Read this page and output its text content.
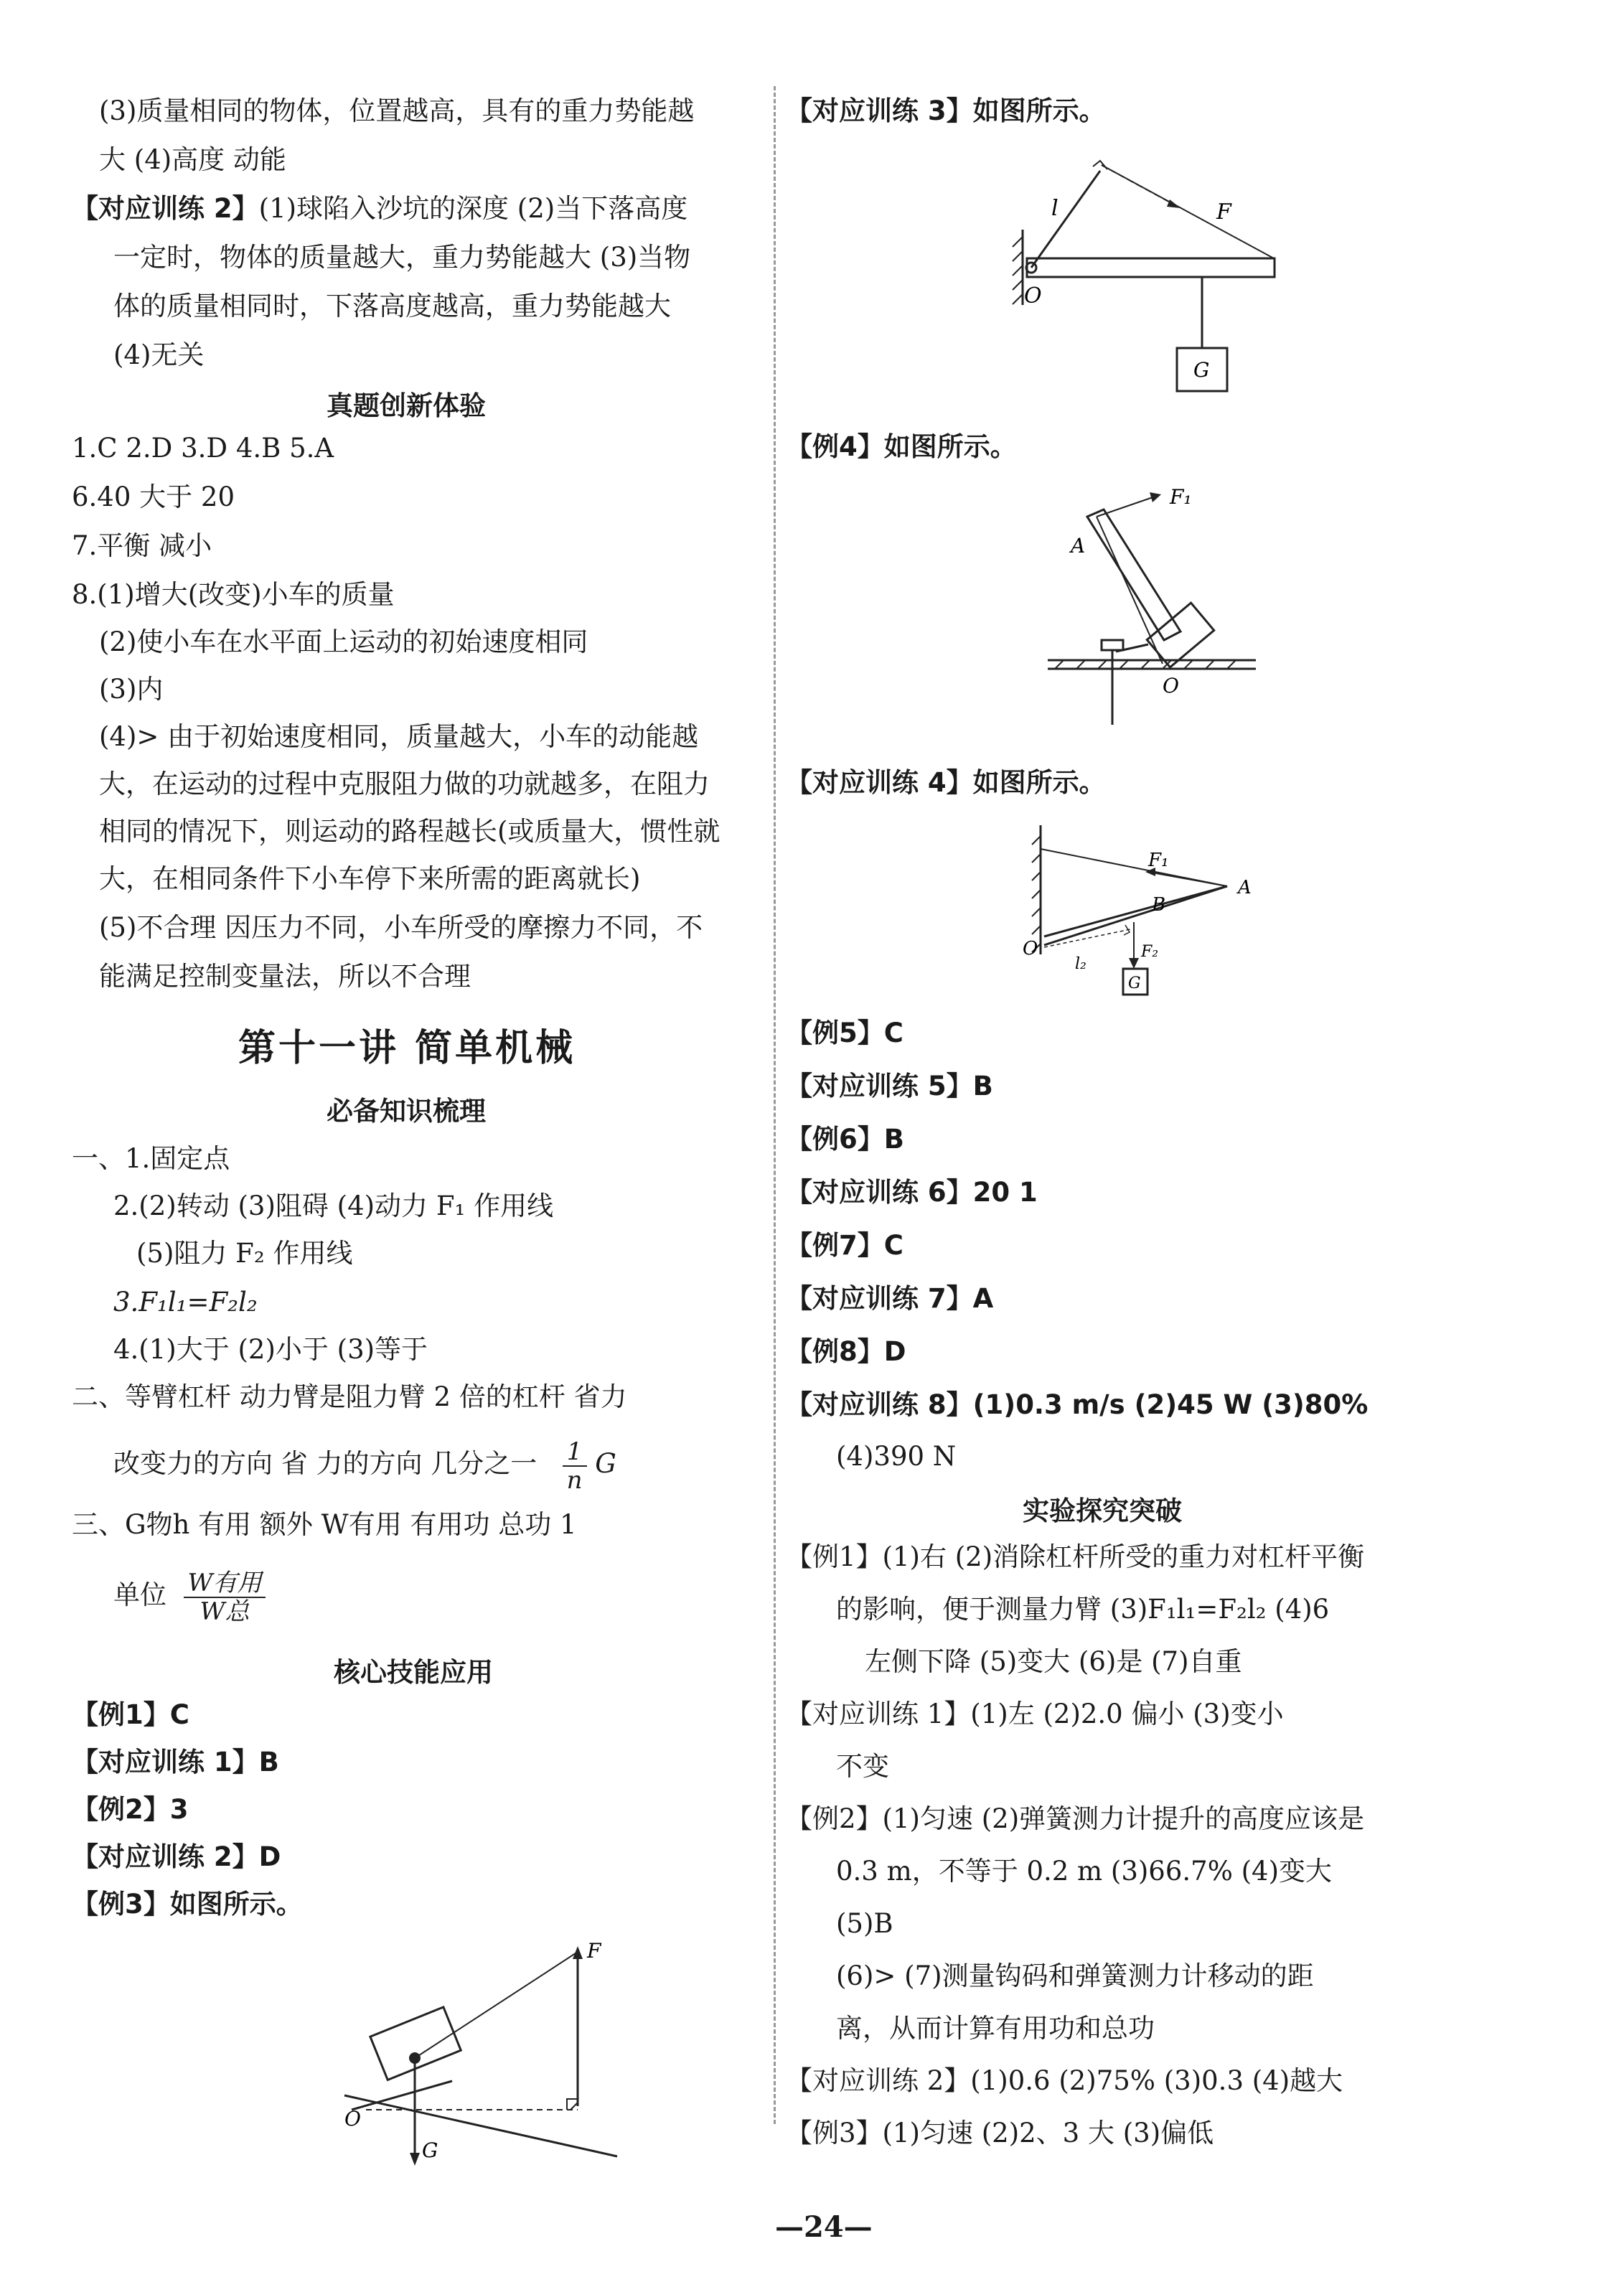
(3)质量相同的物体，位置越高，具有的重力势能越
大 (4)高度 动能
【对应训练 2】(1)球陷入沙坑的深度 (2)当下落高度
一定时，物体的质量越大，重力势能越大 (3)当物
体的质量相同时，下落高度越高，重力势能越大
(4)无关
真题创新体验
1.C 2.D 3.D 4.B 5.A
6.40 大于 20
7.平衡 减小
8.(1)增大(改变)小车的质量
(2)使小车在水平面上运动的初始速度相同
(3)内
(4)> 由于初始速度相同，质量越大，小车的动能越
大，在运动的过程中克服阻力做的功就越多，在阻力
相同的情况下，则运动的路程越长(或质量大，惯性就
大，在相同条件下小车停下来所需的距离就长)
(5)不合理 因压力不同，小车所受的摩擦力不同，不
能满足控制变量法，所以不合理
第十一讲 简单机械
必备知识梳理
一、1.固定点
2.(2)转动 (3)阻碍 (4)动力 F₁ 作用线
(5)阻力 F₂ 作用线
3.F₁l₁=F₂l₂
4.(1)大于 (2)小于 (3)等于
二、等臂杠杆 动力臂是阻力臂 2 倍的杠杆 省力
改变力的方向 省 力的方向 几分之一 $\frac{1}{n}$ G
三、G物h 有用 额外 W有用 有用功 总功 1
单位 $\frac{\text{W有用}}{\text{W总}}$
核心技能应用
【例1】C
【对应训练 1】B
【例2】3
【对应训练 2】D
【例3】如图所示。
O
F
G
【对应训练 3】如图所示。
l	F
O
G
【例4】如图所示。
F₁
A
O
【对应训练 4】如图所示。
F₁
B
A
O
l₂
F₂
G
【例5】C
【对应训练 5】B
【例6】B
【对应训练 6】20 1
【例7】C
【对应训练 7】A
【例8】D
【对应训练 8】(1)0.3 m/s (2)45 W (3)80%
(4)390 N
实验探究突破
【例1】(1)右 (2)消除杠杆所受的重力对杠杆平衡
的影响，便于测量力臂 (3)F₁l₁=F₂l₂ (4)6
左侧下降 (5)变大 (6)是 (7)自重
【对应训练 1】(1)左 (2)2.0 偏小 (3)变小
不变
【例2】(1)匀速 (2)弹簧测力计提升的高度应该是
0.3 m，不等于 0.2 m (3)66.7% (4)变大
(5)B
(6)> (7)测量钩码和弹簧测力计移动的距
离，从而计算有用功和总功
【对应训练 2】(1)0.6 (2)75% (3)0.3 (4)越大
【例3】(1)匀速 (2)2、3 大 (3)偏低
—24—
